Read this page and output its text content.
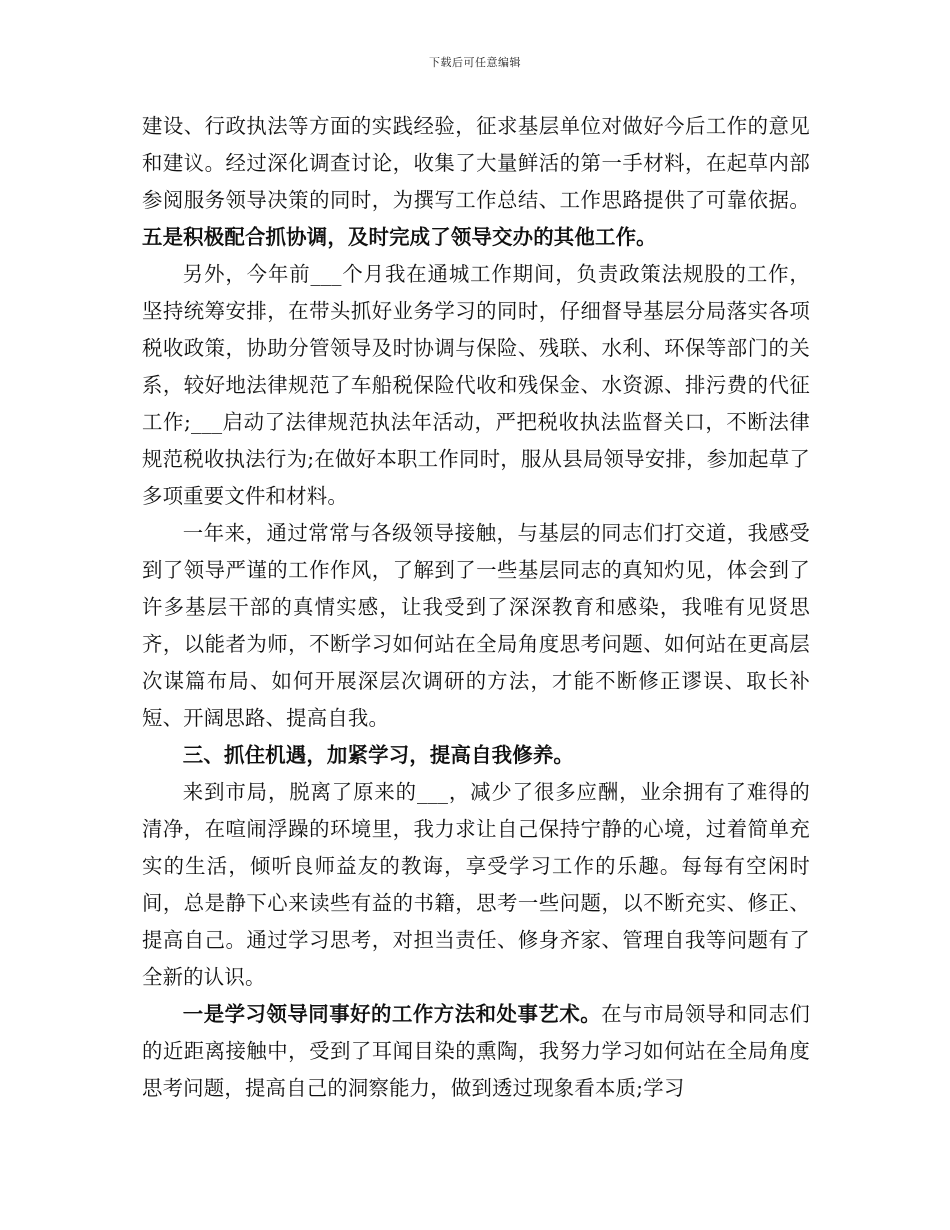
下载后可任意编辑

建设、行政执法等方面的实践经验，征求基层单位对做好今后工作的意见和建议。经过深化调查讨论，收集了大量鲜活的第一手材料，在起草内部参阅服务领导决策的同时，为撰写工作总结、工作思路提供了可靠依据。五是积极配合抓协调，及时完成了领导交办的其他工作。

另外，今年前___个月我在通城工作期间，负责政策法规股的工作，坚持统筹安排，在带头抓好业务学习的同时，仔细督导基层分局落实各项税收政策，协助分管领导及时协调与保险、残联、水利、环保等部门的关系，较好地法律规范了车船税保险代收和残保金、水资源、排污费的代征工作;___启动了法律规范执法年活动，严把税收执法监督关口，不断法律规范税收执法行为;在做好本职工作同时，服从县局领导安排，参加起草了多项重要文件和材料。

一年来，通过常常与各级领导接触，与基层的同志们打交道，我感受到了领导严谨的工作作风，了解到了一些基层同志的真知灼见，体会到了许多基层干部的真情实感，让我受到了深深教育和感染，我唯有见贤思齐，以能者为师，不断学习如何站在全局角度思考问题、如何站在更高层次谋篇布局、如何开展深层次调研的方法，才能不断修正谬误、取长补短、开阔思路、提高自我。

三、抓住机遇，加紧学习，提高自我修养。

来到市局，脱离了原来的___，减少了很多应酬，业余拥有了难得的清净，在喧闹浮躁的环境里，我力求让自己保持宁静的心境，过着简单充实的生活，倾听良师益友的教诲，享受学习工作的乐趣。每每有空闲时间，总是静下心来读些有益的书籍，思考一些问题，以不断充实、修正、提高自己。通过学习思考，对担当责任、修身齐家、管理自我等问题有了全新的认识。

一是学习领导同事好的工作方法和处事艺术。在与市局领导和同志们的近距离接触中，受到了耳闻目染的熏陶，我努力学习如何站在全局角度思考问题，提高自己的洞察能力，做到透过现象看本质;学习
